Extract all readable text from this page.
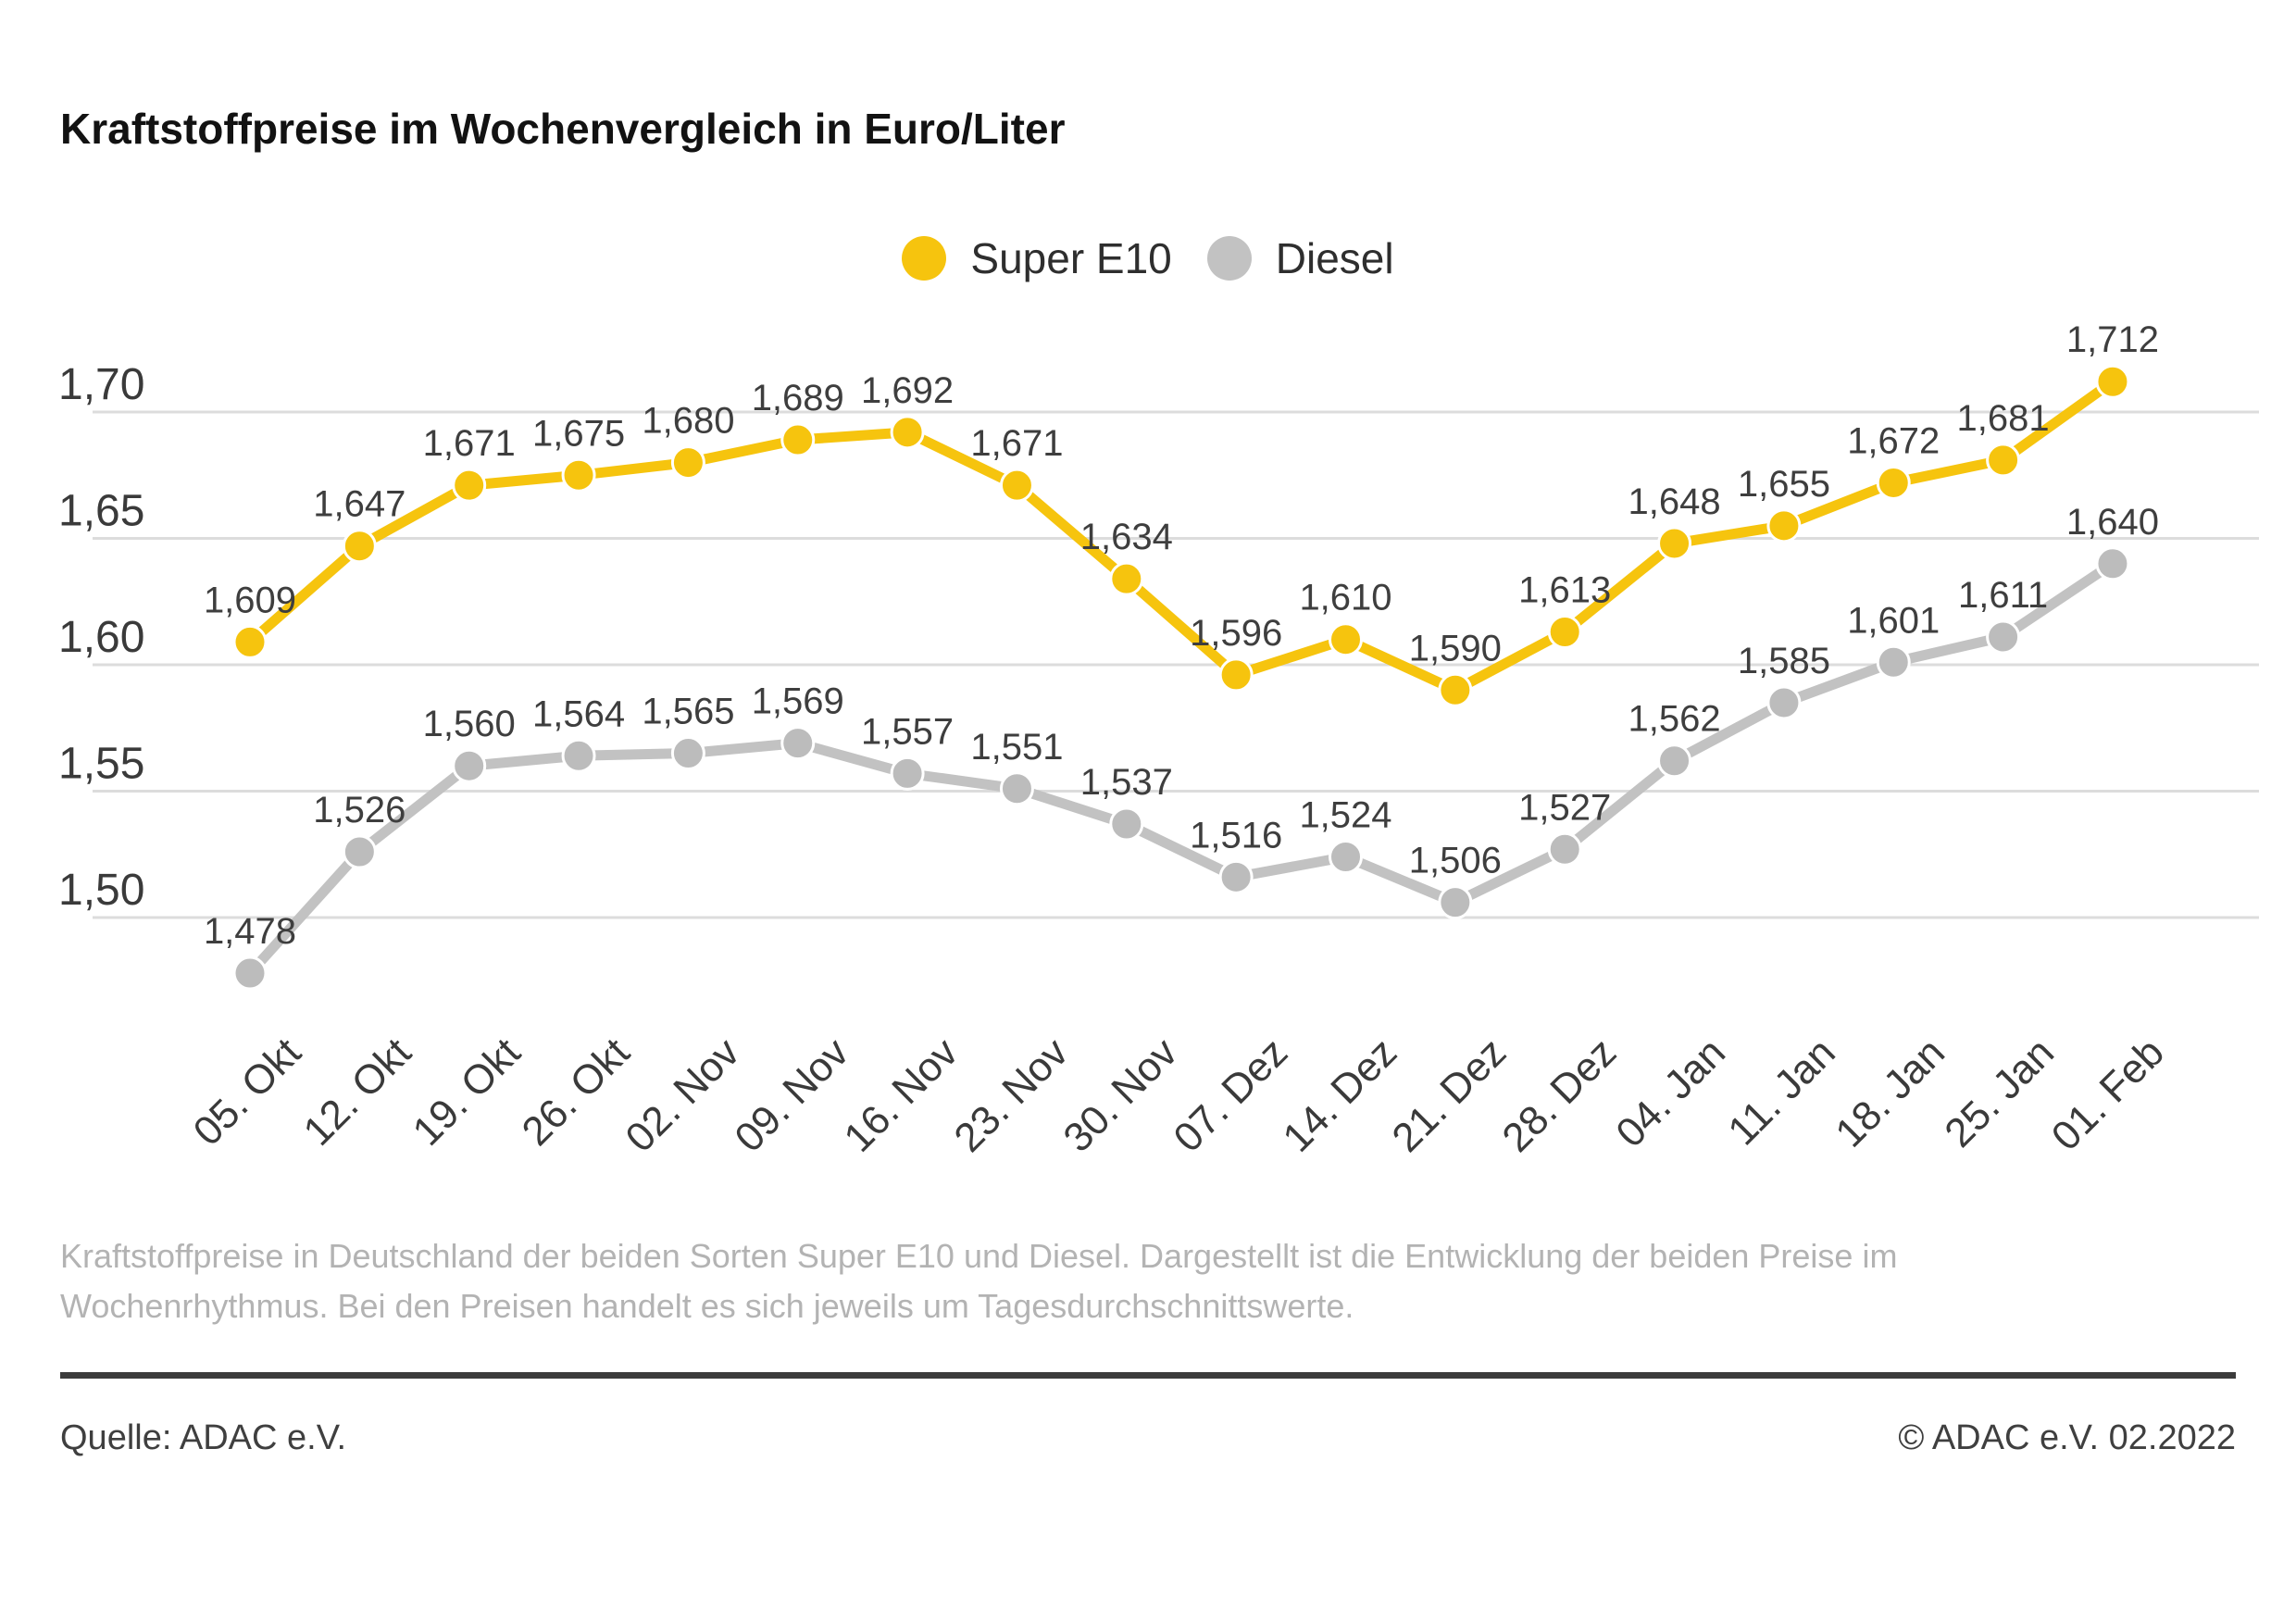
Kraftstoffpreise im Wochenvergleich in Euro/Liter
Super E10 Diesel
1,70
1,65
1,60
1,55
1,50
1,478
1,526
1,560 1,564 1,565 1,569
1,557 1,551
1,537
1,516 1,524
1,506
1,527
1,562
1,585
1,601
1,611
1,640
1,609
1,647
1,671 1,675 1,680
1,689 1,692
1,671
1,634
1,596
1,610
1,590
1,613
1,648 1,655
1,672
1,681
1,712
05. Okt
12. Okt
19. Okt
26. Okt
02. Nov
09. Nov
16. Nov
23. Nov
30. Nov
07. Dez
14. Dez
21. Dez
28. Dez
04. Jan
11. Jan
18. Jan
25. Jan
01. Feb
Kraftstoffpreise in Deutschland der beiden Sorten Super E10 und Diesel. Dargestellt ist die Entwicklung der beiden Preise im Wochenrhythmus. Bei den Preisen handelt es sich jeweils um Tagesdurchschnittswerte.
Quelle: ADAC e.V.	© ADAC e.V. 02.2022
